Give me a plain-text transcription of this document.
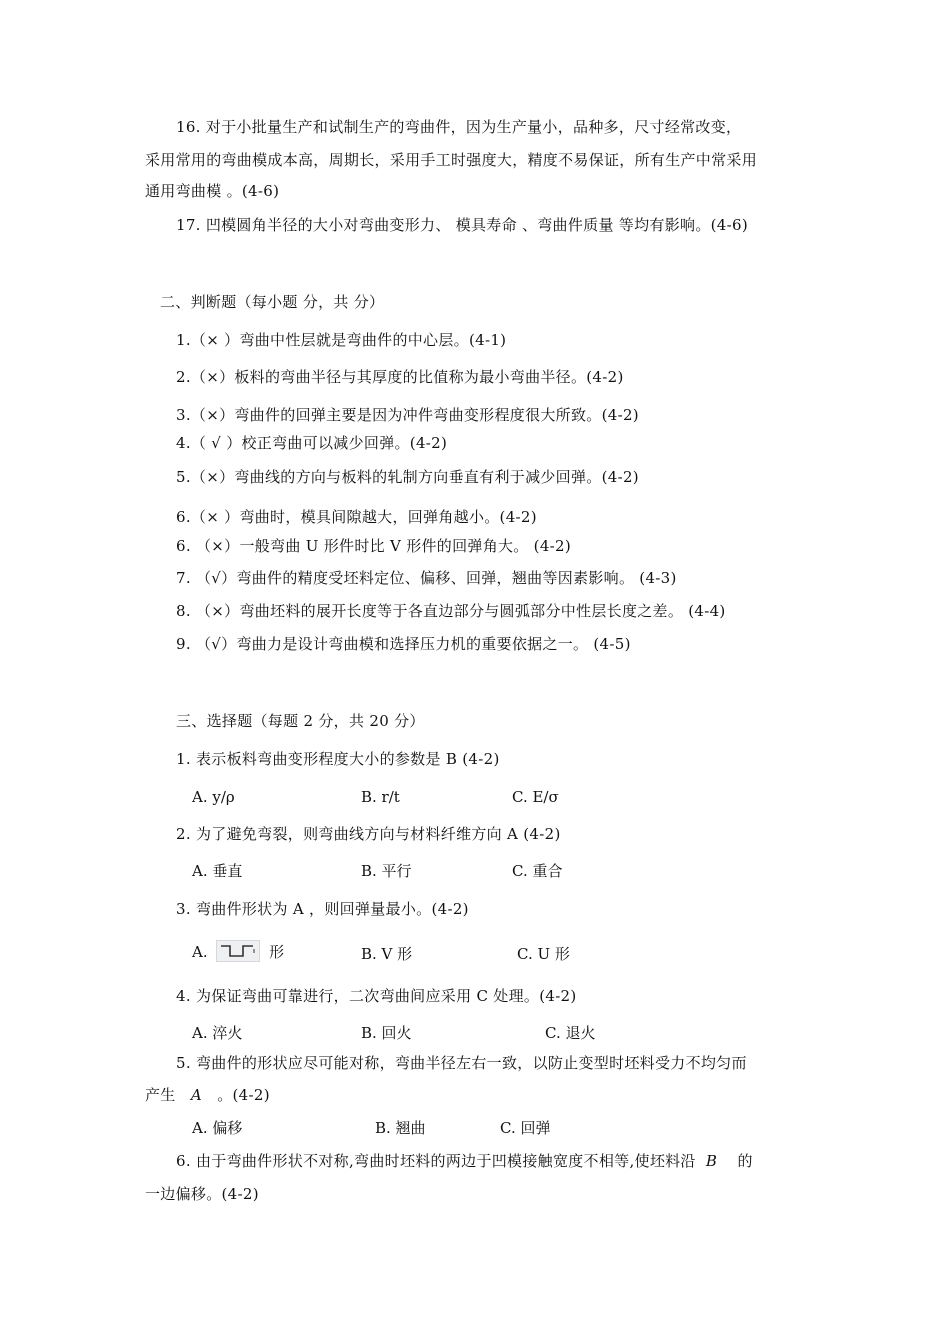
16. 对于小批量生产和试制生产的弯曲件，因为生产量小，品种多，尺寸经常改变，
采用常用的弯曲模成本高，周期长，采用手工时强度大，精度不易保证，所有生产中常采用
通用弯曲模 。(4-6)
17. 凹模圆角半径的大小对弯曲变形力、 模具寿命 、弯曲件质量 等均有影响。(4-6)
二、判断题（每小题 分，共 分）
1.（× ）弯曲中性层就是弯曲件的中心层。(4-1)
2.（×）板料的弯曲半径与其厚度的比值称为最小弯曲半径。(4-2)
3.（×）弯曲件的回弹主要是因为冲件弯曲变形程度很大所致。(4-2)
4.（ √ ）校正弯曲可以减少回弹。(4-2)
5.（×）弯曲线的方向与板料的轧制方向垂直有利于减少回弹。(4-2)
6.（× ）弯曲时，模具间隙越大，回弹角越小。(4-2)
6. （×）一般弯曲 U 形件时比 V 形件的回弹角大。 (4-2)
7. （√）弯曲件的精度受坯料定位、偏移、回弹，翘曲等因素影响。 (4-3)
8. （×）弯曲坯料的展开长度等于各直边部分与圆弧部分中性层长度之差。 (4-4)
9. （√）弯曲力是设计弯曲模和选择压力机的重要依据之一。 (4-5)
三、选择题（每题 2 分，共 20 分）
1. 表示板料弯曲变形程度大小的参数是 B (4-2)
A. y/ρ	B. r/t	C. E/σ
2. 为了避免弯裂，则弯曲线方向与材料纤维方向 A (4-2)
A. 垂直	B. 平行	C. 重合
3. 弯曲件形状为 A ，则回弹量最小。(4-2)
A.	形	B. V 形	C. U 形
4. 为保证弯曲可靠进行，二次弯曲间应采用 C 处理。(4-2)
A. 淬火	B. 回火	C. 退火
5. 弯曲件的形状应尽可能对称，弯曲半径左右一致，以防止变型时坯料受力不均匀而
产生 A 。(4-2)
A. 偏移	B. 翘曲	C. 回弹
6. 由于弯曲件形状不对称,弯曲时坯料的两边于凹模接触宽度不相等,使坯料沿 B 的
一边偏移。(4-2)
